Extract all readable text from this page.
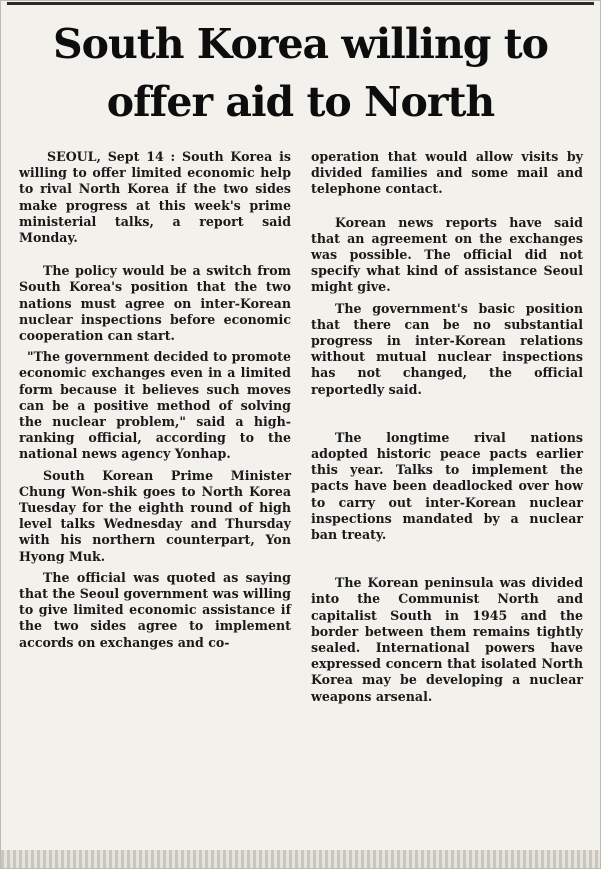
South Korea willing to offer aid to North

SEOUL, Sept 14 : South Korea is willing to offer limited economic help to rival North Korea if the two sides make progress at this week's prime ministerial talks, a report said Monday.

The policy would be a switch from South Korea's position that the two nations must agree on inter-Korean nuclear inspections before economic cooperation can start.

"The government decided to promote economic exchanges even in a limited form because it believes such moves can be a positive method of solving the nuclear problem," said a high-ranking official, according to the national news agency Yonhap.

South Korean Prime Minister Chung Won-shik goes to North Korea Tuesday for the eighth round of high level talks Wednesday and Thursday with his northern counterpart, Yon Hyong Muk.

The official was quoted as saying that the Seoul government was willing to give limited economic assistance if the two sides agree to implement accords on exchanges and co-

operation that would allow visits by divided families and some mail and telephone contact.

Korean news reports have said that an agreement on the exchanges was possible. The official did not specify what kind of assistance Seoul might give.

The government's basic position that there can be no substantial progress in inter-Korean relations without mutual nuclear inspections has not changed, the official reportedly said.

The longtime rival nations adopted historic peace pacts earlier this year. Talks to implement the pacts have been deadlocked over how to carry out inter-Korean nuclear inspections mandated by a nuclear ban treaty.

The Korean peninsula was divided into the Communist North and capitalist South in 1945 and the border between them remains tightly sealed. International powers have expressed concern that isolated North Korea may be developing a nuclear weapons arsenal.
